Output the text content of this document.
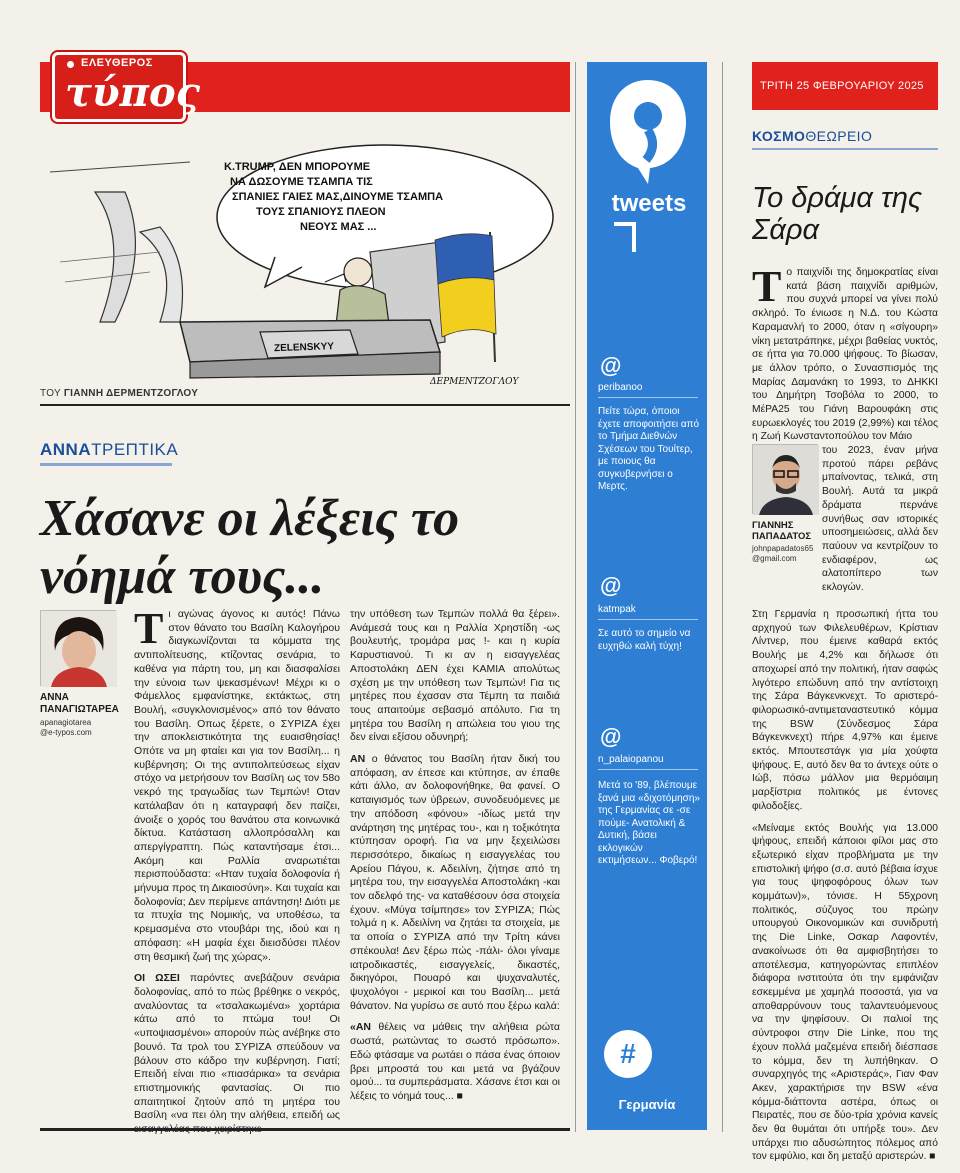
ΕΛΕΥΘΕΡΟΣ
τύπος
Κ.TRUMP, ΔΕΝ ΜΠΟΡΟΥΜΕ
ΝΑ ΔΩΣΟΥΜΕ ΤΣΑΜΠΑ ΤΙΣ
ΣΠΑΝΙΕΣ ΓΑΙΕΣ ΜΑΣ,ΔΙΝΟΥΜΕ ΤΣΑΜΠΑ
ΤΟΥΣ ΣΠΑΝΙΟΥΣ ΠΛΕΟΝ
ΝΕΟΥΣ ΜΑΣ ...
ZELENSKYY
ΔΕΡΜΕΝΤΖΟΓΛΟΥ
ΤΟΥ ΓΙΑΝΝΗ ΔΕΡΜΕΝΤΖΟΓΛΟΥ
ΑΝΝΑΤΡΕΠΤΙΚΑ
Χάσανε οι λέξεις το νόημά τους...
ΑΝΝΑ
ΠΑΝΑΓΙΩΤΑΡΕΑ
apanagiotarea
@e-typos.com

Τι αγώνας άγονος κι αυτός! Πάνω στον θάνατο του Βασίλη Καλογήρου διαγκωνίζονται τα κόμματα της αντιπολίτευσης, κτίζοντας σενάρια, το καθένα για πάρτη του, μη και διασφαλίσει την εύνοια των ψεκασμένων! Μέχρι κι ο Φάμελλος εμφανίστηκε, εκτάκτως, στη Βουλή, «συγκλονισμένος» από τον θάνατο του Βασίλη. Οπως ξέρετε, ο ΣΥΡΙΖΑ έχει την αποκλειστικότητα της ευαισθησίας! Οπότε να μη φταίει και για τον Βασίλη... η κυβέρνηση; Οι της αντιπολιτεύσεως είχαν στόχο να μετρήσουν τον Βασίλη ως τον 58ο νεκρό της τραγωδίας των Τεμπών! Οταν κατάλαβαν ότι η καταγραφή δεν παίζει, άνοιξε ο χορός του θανάτου στα κοινωνικά δίκτυα. Κατάσταση αλλοπρόσαλλη και απεργίγραπτη. Πώς καταντήσαμε έτσι... Ακόμη και Ραλλία αναρωτιέται περισπούδαστα: «Ηταν τυχαία δολοφονία ή μήνυμα προς τη Δικαιοσύνη». Και τυχαία και δολοφονία; Δεν περίμενε απάντηση! Διότι με τα πτυχία της Νομικής, να υποθέσω, τα κρεμασμένα στο ντουβάρι της, ιδού και η απόφαση: «Η μαφία έχει διεισδύσει πλέον στη θεσμική ζωή της χώρας».

ΟΙ ΩΣΕΙ παρόντες ανεβάζουν σενάρια δολοφονίας, από το πώς βρέθηκε ο νεκρός, αναλύοντας τα «τσαλακωμένα» χορτάρια κάτω από το πτώμα του! Οι «υποψιασμένοι» απορούν πώς ανέβηκε στο βουνό. Τα τρολ του ΣΥΡΙΖΑ σπεύδουν να βάλουν στο κάδρο την κυβέρνηση. Γιατί; Επειδή είναι πιο «πιασάρικα» τα σενάρια επιστημονικής φαντασίας. Οι πιο απαιτητικοί ζητούν από τη μητέρα του Βασίλη «να πει όλη την αλήθεια, επειδή ως

την υπόθεση των Τεμπών πολλά θα ξέρει». Ανάμεσά τους και η Ραλλία Χρηστίδη -ως βουλευτής, τρομάρα μας !- και η κυρία Καρυστιανού. Τι κι αν η εισαγγελέας Αποστολάκη ΔΕΝ έχει ΚΑΜΙΑ απολύτως σχέση με την υπόθεση των Τεμπών! Για τις μητέρες που έχασαν στα Τέμπη τα παιδιά τους απαιτούμε σεβασμό απόλυτο. Για τη μητέρα του Βασίλη η απώλεια του γιου της δεν είναι εξίσου οδυνηρή;

ΑΝ ο θάνατος του Βασίλη ήταν δική του απόφαση, αν έπεσε και κτύπησε, αν έπαθε κάτι άλλο, αν δολοφονήθηκε, θα φανεί. Ο καταιγισμός των ύβρεων, συνοδευόμενες με την απόδοση «φόνου» -ιδίως μετά την ανάρτηση της μητέρας του-, και η τοξικότητα κτύπησαν οροφή. Για να μην ξεχειλώσει περισσότερο, δικαίως η εισαγγελέας του Αρείου Πάγου, κ. Αδειλίνη, ζήτησε από τη μητέρα του, την εισαγγελέα Αποστολάκη -και τον αδελφό της- να καταθέσουν όσα στοιχεία έχουν. «Μύγα τσίμπησε» τον ΣΥΡΙΖΑ; Πώς τολμά η κ. Αδειλίνη να ζητάει τα στοιχεία, με τα οποία ο ΣΥΡΙΖΑ από την Τρίτη κάνει σπέκουλα! Δεν ξέρω πώς -πάλι- όλοι γίναμε ιατροδικαστές, εισαγγελείς, δικαστές, δικηγόροι, Πουαρό και ψυχαναλυτές, ψυχολόγοι - μερικοί και του Βασίλη... μετά θάνατον. Να γυρίσω σε αυτό που ξέρω καλά:

«ΑΝ θέλεις να μάθεις την αλήθεια ρώτα σωστά, ρωτώντας το σωστό πρόσωπο». Εδώ φτάσαμε να ρωτάει ο πάσα ένας όποιον βρει μπροστά του και μετά να βγάζουν ομού... τα συμπεράσματα. Χάσανε έτσι και οι λέξεις το νόημά τους... ■

tweets
@
peribanoo
Πείτε τώρα, όποιοι έχετε αποφοιτήσει από το Τμήμα Διεθνών Σχέσεων του Τουίτερ, με ποιους θα συγκυβερνήσει ο Μερτς.
@
katmpak
Σε αυτό το σημείο να ευχηθώ καλή τύχη!
@
n_palaiopanou
Μετά το '89, βλέπουμε ξανά μια «διχοτόμηση» της Γερμανίας σε -σε πούμε- Ανατολική & Δυτική, βάσει εκλογικών εκτιμήσεων... Φοβερό!
#
Γερμανία
ΤΡΙΤΗ 25 ΦΕΒΡΟΥΑΡΙΟΥ 2025
ΚΟΣΜΟΘΕΩΡΕΙΟ
Το δράμα της Σάρα
Το παιχνίδι της δημοκρατίας είναι κατά βάση παιχνίδι αριθμών, που συχνά μπορεί να γίνει πολύ σκληρό. Το ένιωσε η Ν.Δ. του Κώστα Καραμανλή το 2000, όταν η «σίγουρη» νίκη μετατράπηκε, μέχρι βαθείας νυκτός, σε ήττα για 70.000 ψήφους. Το βίωσαν, με άλλον τρόπο, ο Συνασπισμός της Μαρίας Δαμανάκη το 1993, το ΔΗΚΚΙ του Δημήτρη Τσοβόλα το 2000, το ΜέΡΑ25 του Γιάνη Βαρουφάκη στις ευρωεκλογές του 2019 (2,99%) και τέλος η Ζωή Κωνσταντοπούλου τον Μάιο
ΓΙΑΝΝΗΣ
ΠΑΠΑΔΑΤΟΣ
johnpapadatos65
@gmail.com
του 2023, έναν μήνα προτού πάρει ρεβάνς μπαίνοντας, τελικά, στη Βουλή. Αυτά τα μικρά δράματα περνάνε συνήθως σαν ιστορικές υποσημειώσεις, αλλά δεν παύουν να κεντρίζουν το ενδιαφέρον, ως αλατοπίπερο των εκλογών.

Στη Γερμανία η προσωπική ήττα του αρχηγού των Φιλελευθέρων, Κρίστιαν Λίντνερ, που έμεινε καθαρά εκτός Βουλής με 4,2% και δήλωσε ότι αποχωρεί από την πολιτική, ήταν σαφώς λιγότερο επώδυνη από την αντίστοιχη της Σάρα Βάγκενκνεχτ. Το αριστερό-φιλορωσικό-αντιμεταναστευτικό κόμμα της BSW (Σύνδεσμος Σάρα Βάγκενκνεχτ) πήρε 4,97% και έμεινε εκτός. Μπουτεστάγκ για μία χούφτα ψήφους. Ε, αυτό δεν θα το άντεχε ούτε ο Ιώβ, πόσω μάλλον μια θερμόαιμη μαρξίστρια πολιτικός με έντονες φιλοδοξίες.

«Μείναμε εκτός Βουλής για 13.000 ψήφους, επειδή κάποιοι φίλοι μας στο εξωτερικό είχαν προβλήματα με την επιστολική ψήφο (σ.σ. αυτό βέβαια ίσχυε για τους ψηφοφόρους όλων των κομμάτων)», τόνισε. Η 55χρονη πολιτικός, σύζυγος του πρώην υπουργού Οικονομικών και συνιδρυτή της Die Linke, Οσκαρ Λαφοντέν, ανακοίνωσε ότι θα αμφισβητήσει το αποτέλεσμα, κατηγορώντας επιπλέον διάφορα ινστιτούτα ότι την εμφάνιζαν εσκεμμένα με χαμηλά ποσοστά, για να αποθαρρύνουν τους ταλαντευόμενους να την ψηφίσουν. Οι παλιοί της σύντροφοι στην Die Linke, που της έχουν πολλά μαζεμένα επειδή διέσπασε το κόμμα, δεν τη λυπήθηκαν. Ο συναρχηγός της «Αριστεράς», Γιαν Φαν Ακεν, χαρακτήρισε την BSW «ένα κόμμα-διάττοντα αστέρα, όπως οι Πειρατές, που σε δύο-τρία χρόνια κανείς δεν θα θυμάται ότι υπήρξε του». Δεν υπάρχει πιο αδυσώπητος πόλεμος από τον εμφύλιο, και δη μεταξύ αριστερών. ■
